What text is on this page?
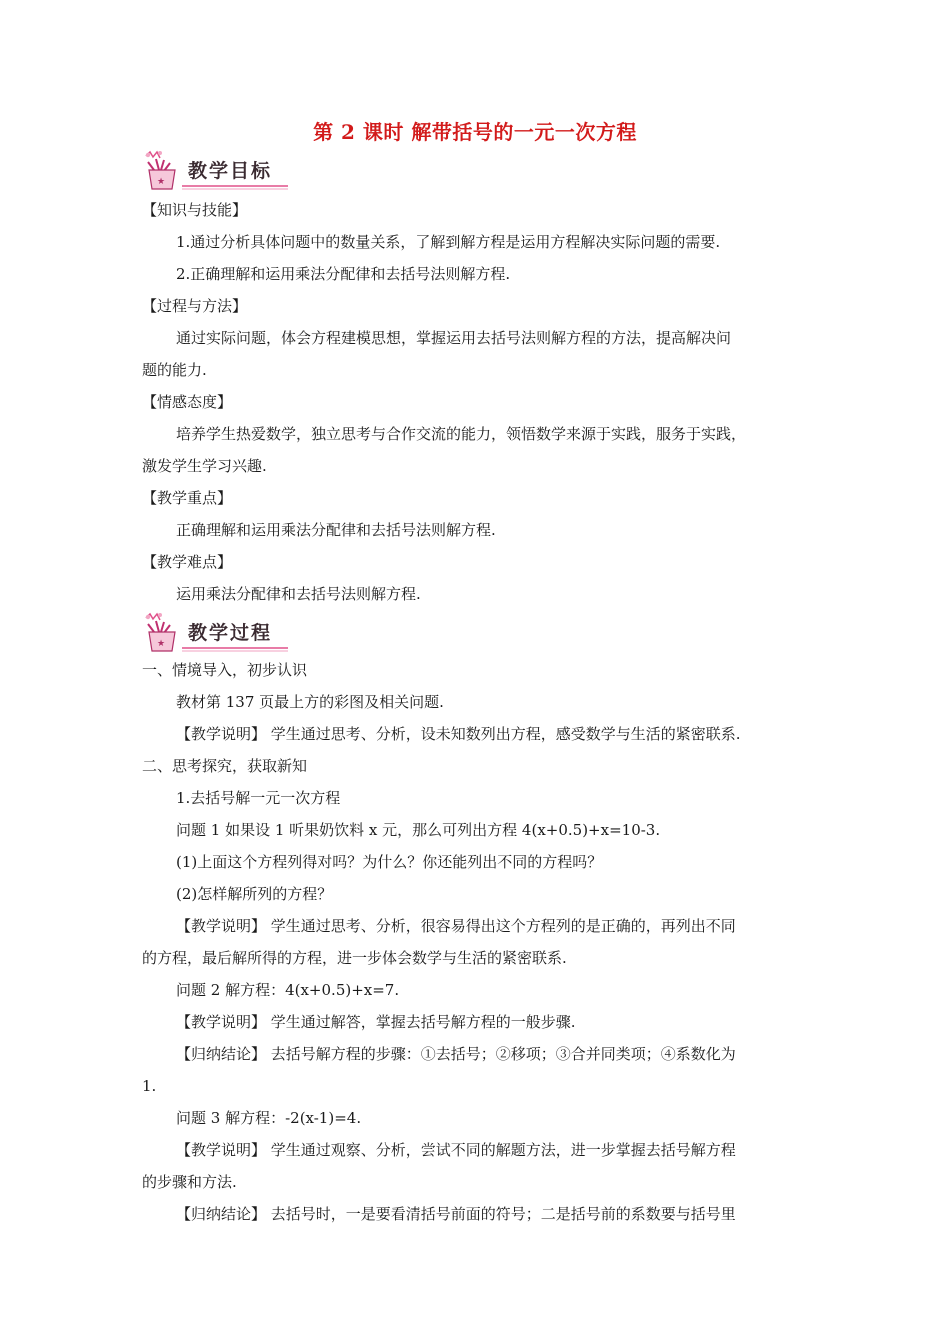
第 2 课时 解带括号的一元一次方程
★ 教学目标
【知识与技能】
1.通过分析具体问题中的数量关系，了解到解方程是运用方程解决实际问题的需要.
2.正确理解和运用乘法分配律和去括号法则解方程.
【过程与方法】
通过实际问题，体会方程建模思想，掌握运用去括号法则解方程的方法，提高解决问
题的能力.
【情感态度】
培养学生热爱数学，独立思考与合作交流的能力，领悟数学来源于实践，服务于实践，
激发学生学习兴趣.
【教学重点】
正确理解和运用乘法分配律和去括号法则解方程.
【教学难点】
运用乘法分配律和去括号法则解方程.
★ 教学过程
一、情境导入，初步认识
教材第 137 页最上方的彩图及相关问题.
【教学说明】 学生通过思考、分析，设未知数列出方程，感受数学与生活的紧密联系.
二、思考探究，获取新知
1.去括号解一元一次方程
问题 1 如果设 1 听果奶饮料 x 元，那么可列出方程 4(x+0.5)+x=10-3.
(1)上面这个方程列得对吗？为什么？你还能列出不同的方程吗？
(2)怎样解所列的方程？
【教学说明】 学生通过思考、分析，很容易得出这个方程列的是正确的，再列出不同
的方程，最后解所得的方程，进一步体会数学与生活的紧密联系.
问题 2 解方程：4(x+0.5)+x=7.
【教学说明】 学生通过解答，掌握去括号解方程的一般步骤.
【归纳结论】 去括号解方程的步骤：①去括号；②移项；③合并同类项；④系数化为
1.
问题 3 解方程：-2(x-1)=4.
【教学说明】 学生通过观察、分析，尝试不同的解题方法，进一步掌握去括号解方程
的步骤和方法.
【归纳结论】 去括号时，一是要看清括号前面的符号；二是括号前的系数要与括号里
